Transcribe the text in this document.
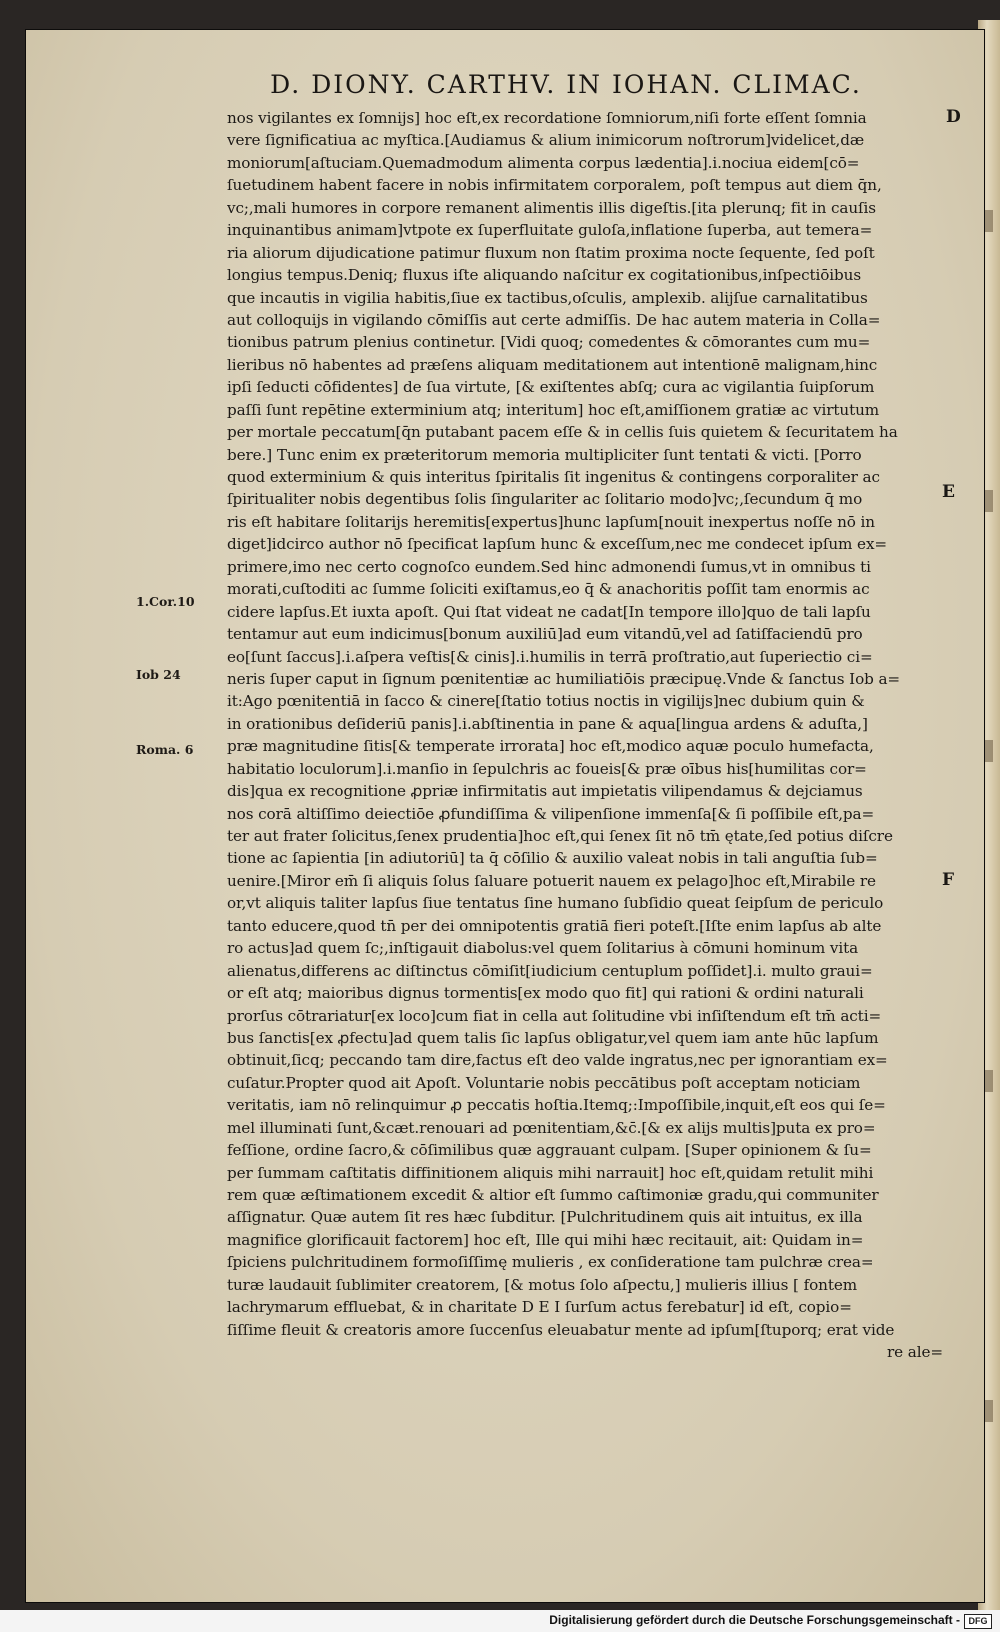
D. DIONY. CARTHV. IN IOHAN. CLIMAC.
nos vigilantes ex ſomnijs] hoc eſt,ex recordatione ſomniorum,niſi forte eſſent ſomnia
vere ſignificatiua ac myſtica.[Audiamus & alium inimicorum noſtrorum]videlicet,dæ
moniorum[aſtuciam.Quemadmodum alimenta corpus lædentia].i.nociua eidem[cō=
ſuetudinem habent facere in nobis infirmitatem corporalem, poſt tempus aut diem q̄n,
vc;,mali humores in corpore remanent alimentis illis digeſtis.[ita plerunq; fit in cauſis
inquinantibus animam]vtpote ex ſuperfluitate guloſa,inflatione ſuperba, aut temera=
ria aliorum dijudicatione patimur fluxum non ſtatim proxima nocte ſequente, ſed poſt
longius tempus.Deniq; fluxus iſte aliquando naſcitur ex cogitationibus,inſpectiōibus
que incautis in vigilia habitis,ſiue ex tactibus,oſculis, amplexib. alijſue carnalitatibus
aut colloquijs in vigilando cōmiſſis aut certe admiſſis. De hac autem materia in Colla=
tionibus patrum plenius continetur. [Vidi quoq; comedentes & cōmorantes cum mu=
lieribus nō habentes ad præſens aliquam meditationem aut intentionē malignam,hinc
ipſi ſeducti cōfidentes] de ſua virtute, [& exiſtentes abſq; cura ac vigilantia ſuipſorum
paſſi ſunt repētine exterminium atq; interitum] hoc eſt,amiſſionem gratiæ ac virtutum
per mortale peccatum[q̄n putabant pacem eſſe & in cellis ſuis quietem & ſecuritatem ha
bere.] Tunc enim ex præteritorum memoria multipliciter ſunt tentati & victi. [Porro
quod exterminium & quis interitus ſpiritalis ſit ingenitus & contingens corporaliter ac
ſpiritualiter nobis degentibus ſolis ſingulariter ac ſolitario modo]vc;,ſecundum q̄ mo
ris eſt habitare ſolitarijs heremitis[expertus]hunc lapſum[nouit inexpertus noſſe nō in
diget]idcirco author nō ſpecificat lapſum hunc & exceſſum,nec me condecet ipſum ex=
primere,imo nec certo cognoſco eundem.Sed hinc admonendi ſumus,vt in omnibus ti
morati,cuſtoditi ac ſumme ſoliciti exiſtamus,eo q̄ & anachoritis poſſit tam enormis ac
cidere lapſus.Et iuxta apoſt. Qui ſtat videat ne cadat[In tempore illo]quo de tali lapſu
tentamur aut eum indicimus[bonum auxiliū]ad eum vitandū,vel ad ſatiſfaciendū pro
eo[ſunt ſaccus].i.aſpera veſtis[& cinis].i.humilis in terrā proſtratio,aut ſuperiectio ci=
neris ſuper caput in ſignum pœnitentiæ ac humiliatiōis præcipuę.Vnde & ſanctus Iob a=
it:Ago pœnitentiā in ſacco & cinere[ſtatio totius noctis in vigilijs]nec dubium quin &
in orationibus deſideriū panis].i.abſtinentia in pane & aqua[lingua ardens & aduſta,]
præ magnitudine ſitis[& temperate irrorata] hoc eſt,modico aquæ poculo humefacta,
habitatio loculorum].i.manſio in ſepulchris ac foueis[& præ oībus his[humilitas cor=
dis]qua ex recognitione ꝓpriæ infirmitatis aut impietatis vilipendamus & dejciamus
nos corā altiſſimo deiectiōe ꝓfundiſſima & vilipenſione immenſa[& ſi poſſibile eſt,pa=
ter aut frater ſolicitus,ſenex prudentia]hoc eſt,qui ſenex ſit nō tm̄ ętate,ſed potius diſcre
tione ac ſapientia [in adiutoriū] ta q̄ cōſilio & auxilio valeat nobis in tali anguſtia ſub=
uenire.[Miror em̄ ſi aliquis ſolus ſaluare potuerit nauem ex pelago]hoc eſt,Mirabile re
or,vt aliquis taliter lapſus ſiue tentatus ſine humano ſubſidio queat ſeipſum de periculo
tanto educere,quod tn̄ per dei omnipotentis gratiā fieri poteſt.[Iſte enim lapſus ab alte
ro actus]ad quem ſc;,inſtigauit diabolus:vel quem ſolitarius à cōmuni hominum vita
alienatus,differens ac diſtinctus cōmiſit[iudicium centuplum poſſidet].i. multo graui=
or eſt atq; maioribus dignus tormentis[ex modo quo fit] qui rationi & ordini naturali
prorſus cōtrariatur[ex loco]cum fiat in cella aut ſolitudine vbi inſiſtendum eſt tm̄ acti=
bus ſanctis[ex ꝓfectu]ad quem talis ſic lapſus obligatur,vel quem iam ante hūc lapſum
obtinuit,ſicq; peccando tam dire,factus eſt deo valde ingratus,nec per ignorantiam ex=
cuſatur.Propter quod ait Apoſt. Voluntarie nobis peccātibus poſt acceptam noticiam
veritatis, iam nō relinquimur ꝓ peccatis hoſtia.Itemq;:Impoſſibile,inquit,eſt eos qui ſe=
mel illuminati ſunt,&cæt.renouari ad pœnitentiam,&c̄.[& ex alijs multis]puta ex pro=
feſſione, ordine ſacro,& cōſimilibus quæ aggrauant culpam. [Super opinionem & ſu=
per ſummam caſtitatis diffinitionem aliquis mihi narrauit] hoc eſt,quidam retulit mihi
rem quæ æſtimationem excedit & altior eſt ſummo caſtimoniæ gradu,qui communiter
aſſignatur. Quæ autem ſit res hæc ſubditur. [Pulchritudinem quis ait intuitus, ex illa
magnifice glorificauit factorem] hoc eſt, Ille qui mihi hæc recitauit, ait: Quidam in=
ſpiciens pulchritudinem formoſiſſimę mulieris , ex conſideratione tam pulchræ crea=
turæ laudauit ſublimiter creatorem, [& motus ſolo aſpectu,] mulieris illius [ fontem
lachrymarum effluebat, & in charitate D E I ſurſum actus ferebatur] id eſt, copio=
ſiſſime fleuit & creatoris amore ſuccenſus eleuabatur mente ad ipſum[ſtuporq; erat vide
re ale=
1.Cor.10
Iob 24
Roma. 6
D
E
F
Digitalisierung gefördert durch die Deutsche Forschungsgemeinschaft - DFG
